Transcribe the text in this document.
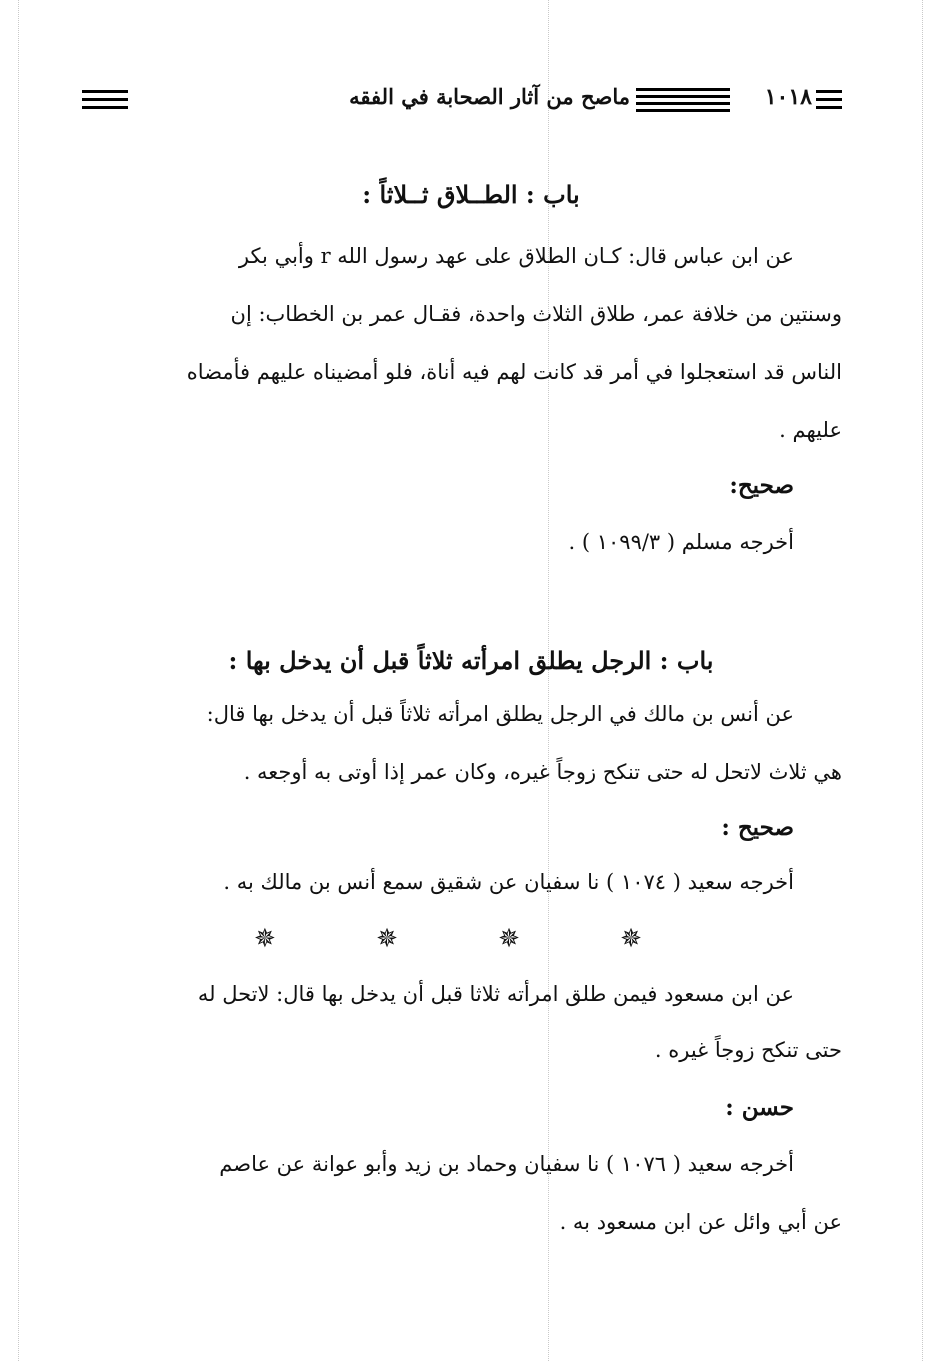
١٠١٨
ماصح من آثار الصحابة في الفقه
باب : الطــلاق ثــلاثاً :
عن ابن عباس قال: كـان الطلاق على عهد رسول الله r وأبي بكر
وسنتين من خلافة عمر، طلاق الثلاث واحدة، فقـال عمر بن الخطاب: إن
الناس قد استعجلوا في أمر قد كانت لهم فيه أناة، فلو أمضيناه عليهم فأمضاه
عليهم .
صحيح:
أخرجه مسلم ( ١٠٩٩/٣ ) .
باب : الرجل يطلق امرأته ثلاثاً قبل أن يدخل بها :
عن أنس بن مالك في الرجل يطلق امرأته ثلاثاً قبل أن يدخل بها قال:
هي ثلاث لاتحل له حتى تنكح زوجاً غيره، وكان عمر إذا أوتى به أوجعه .
صحيح :
أخرجه سعيد ( ١٠٧٤ ) نا سفيان عن شقيق سمع أنس بن مالك به .
✵ ✵ ✵ ✵
عن ابن مسعود فيمن طلق امرأته ثلاثا قبل أن يدخل بها قال: لاتحل له
حتى تنكح زوجاً غيره .
حسن :
أخرجه سعيد ( ١٠٧٦ ) نا سفيان وحماد بن زيد وأبو عوانة عن عاصم
عن أبي وائل عن ابن مسعود به .
